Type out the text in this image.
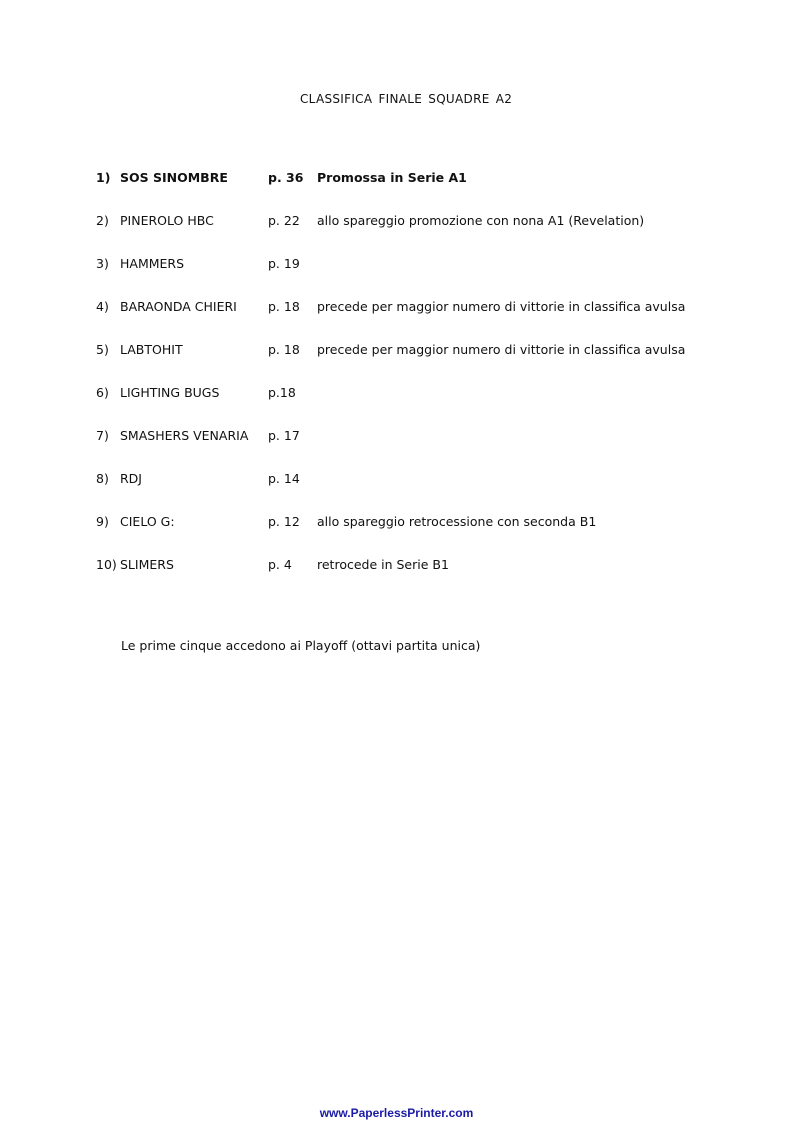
CLASSIFICA FINALE SQUADRE A2
1) SOS SINOMBRE	p. 36 Promossa in Serie A1
2) PINEROLO HBC	p. 22 allo spareggio promozione con nona A1 (Revelation)
3) HAMMERS	p. 19
4) BARAONDA CHIERI p. 18 precede per maggior numero di vittorie in classifica avulsa
5) LABTOHIT	p. 18 precede per maggior numero di vittorie in classifica avulsa
6) LIGHTING BUGS	p.18
7) SMASHERS VENARIA p. 17
8) RDJ	p. 14
9) CIELO G:	p. 12 allo spareggio retrocessione con seconda B1
10) SLIMERS	p. 4 retrocede in Serie B1
Le prime cinque accedono ai Playoff (ottavi partita unica)
www.PaperlessPrinter.com
